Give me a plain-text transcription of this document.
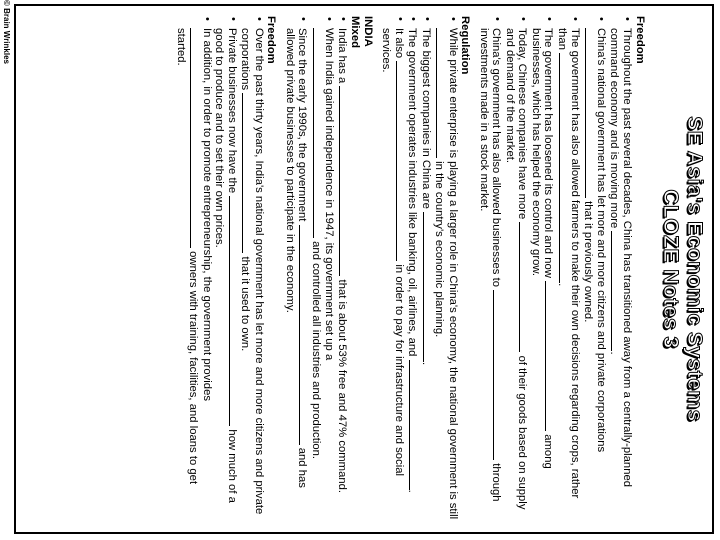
© Brain Wrinkles
SE Asia's Economic Systems
CLOZE Notes 3
Freedom
• Throughout the past several decades, China has transitioned away from a centrally-planned command economy and is moving more .
• China's national government has let more and more citizens and private corporations  that it previously owned.
• The government has also allowed farmers to make their own decisions regarding crops, rather than .
• The government has loosened its control and now  among businesses, which has helped the economy grow.
• Today, Chinese companies have more  of their goods based on supply and demand of the market.
• China's government has also allowed businesses to  through investments made in a stock market.
Regulation
• While private enterprise is playing a larger role in China's economy, the national government is still  in the country's economic planning.
• The biggest companies in China are .
• The government operates industries like banking, oil, airlines, and .
• It also  in order to pay for infrastructure and social services.
INDIA
Mixed
• India has a  that is about 53% free and 47% command.
• When India gained independence in 1947, its government set up a  and controlled all industries and production.
• Since the early 1990s, the government  and has allowed private businesses to participate in the economy.
Freedom
• Over the past thirty years, India's national government has let more and more citizens and private corporations  that it used to own.
• Private businesses now have the  how much of a good to produce and to set their own prices.
• In addition, in order to promote entrepreneurship, the government provides  owners with training, facilities, and loans to get started.
